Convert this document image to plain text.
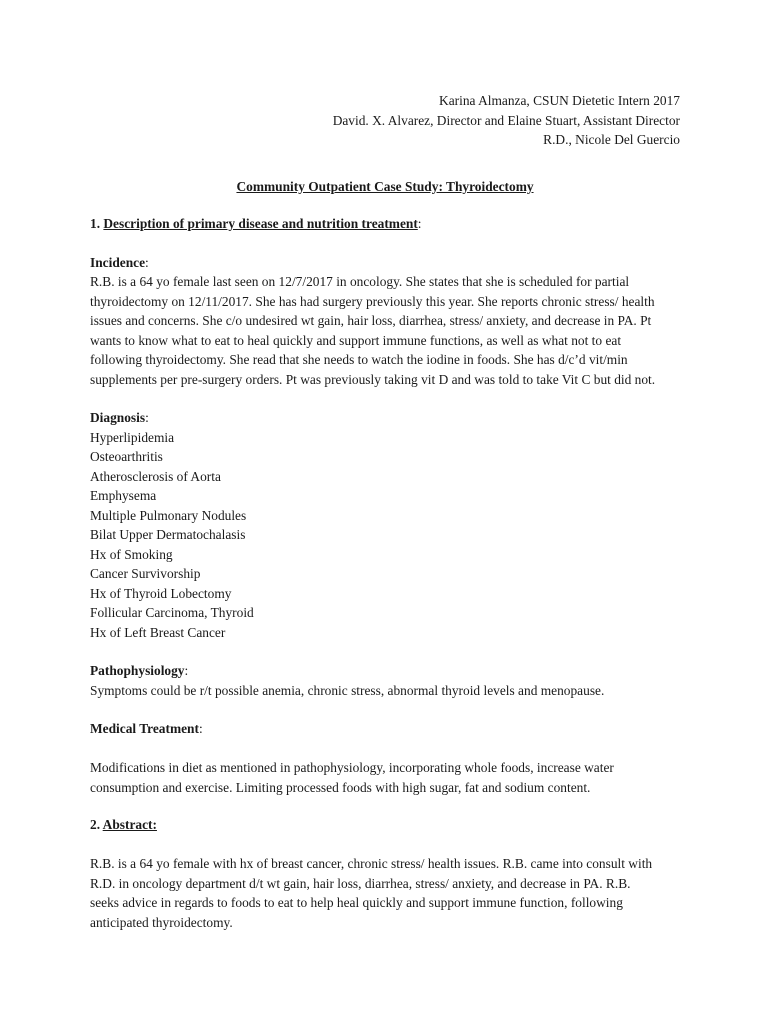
Karina Almanza, CSUN Dietetic Intern 2017
David. X. Alvarez, Director and Elaine Stuart, Assistant Director
R.D., Nicole Del Guercio
Community Outpatient Case Study: Thyroidectomy
1. Description of primary disease and nutrition treatment:
Incidence:
R.B. is a 64 yo female last seen on 12/7/2017 in oncology. She states that she is scheduled for partial
thyroidectomy on 12/11/2017. She has had surgery previously this year. She reports chronic stress/ health
issues and concerns. She c/o undesired wt gain, hair loss, diarrhea, stress/ anxiety, and decrease in PA. Pt
wants to know what to eat to heal quickly and support immune functions, as well as what not to eat
following thyroidectomy. She read that she needs to watch the iodine in foods. She has d/c’d vit/min
supplements per pre-surgery orders. Pt was previously taking vit D and was told to take Vit C but did not.
Diagnosis:
Hyperlipidemia
Osteoarthritis
Atherosclerosis of Aorta
Emphysema
Multiple Pulmonary Nodules
Bilat Upper Dermatochalasis
Hx of Smoking
Cancer Survivorship
Hx of Thyroid Lobectomy
Follicular Carcinoma, Thyroid
Hx of Left Breast Cancer
Pathophysiology:
Symptoms could be r/t possible anemia, chronic stress, abnormal thyroid levels and menopause.
Medical Treatment:
Modifications in diet as mentioned in pathophysiology, incorporating whole foods, increase water
consumption and exercise. Limiting processed foods with high sugar, fat and sodium content.
2. Abstract:
R.B. is a 64 yo female with hx of breast cancer, chronic stress/ health issues. R.B. came into consult with
R.D. in oncology department d/t wt gain, hair loss, diarrhea, stress/ anxiety, and decrease in PA. R.B.
seeks advice in regards to foods to eat to help heal quickly and support immune function, following
anticipated thyroidectomy.
